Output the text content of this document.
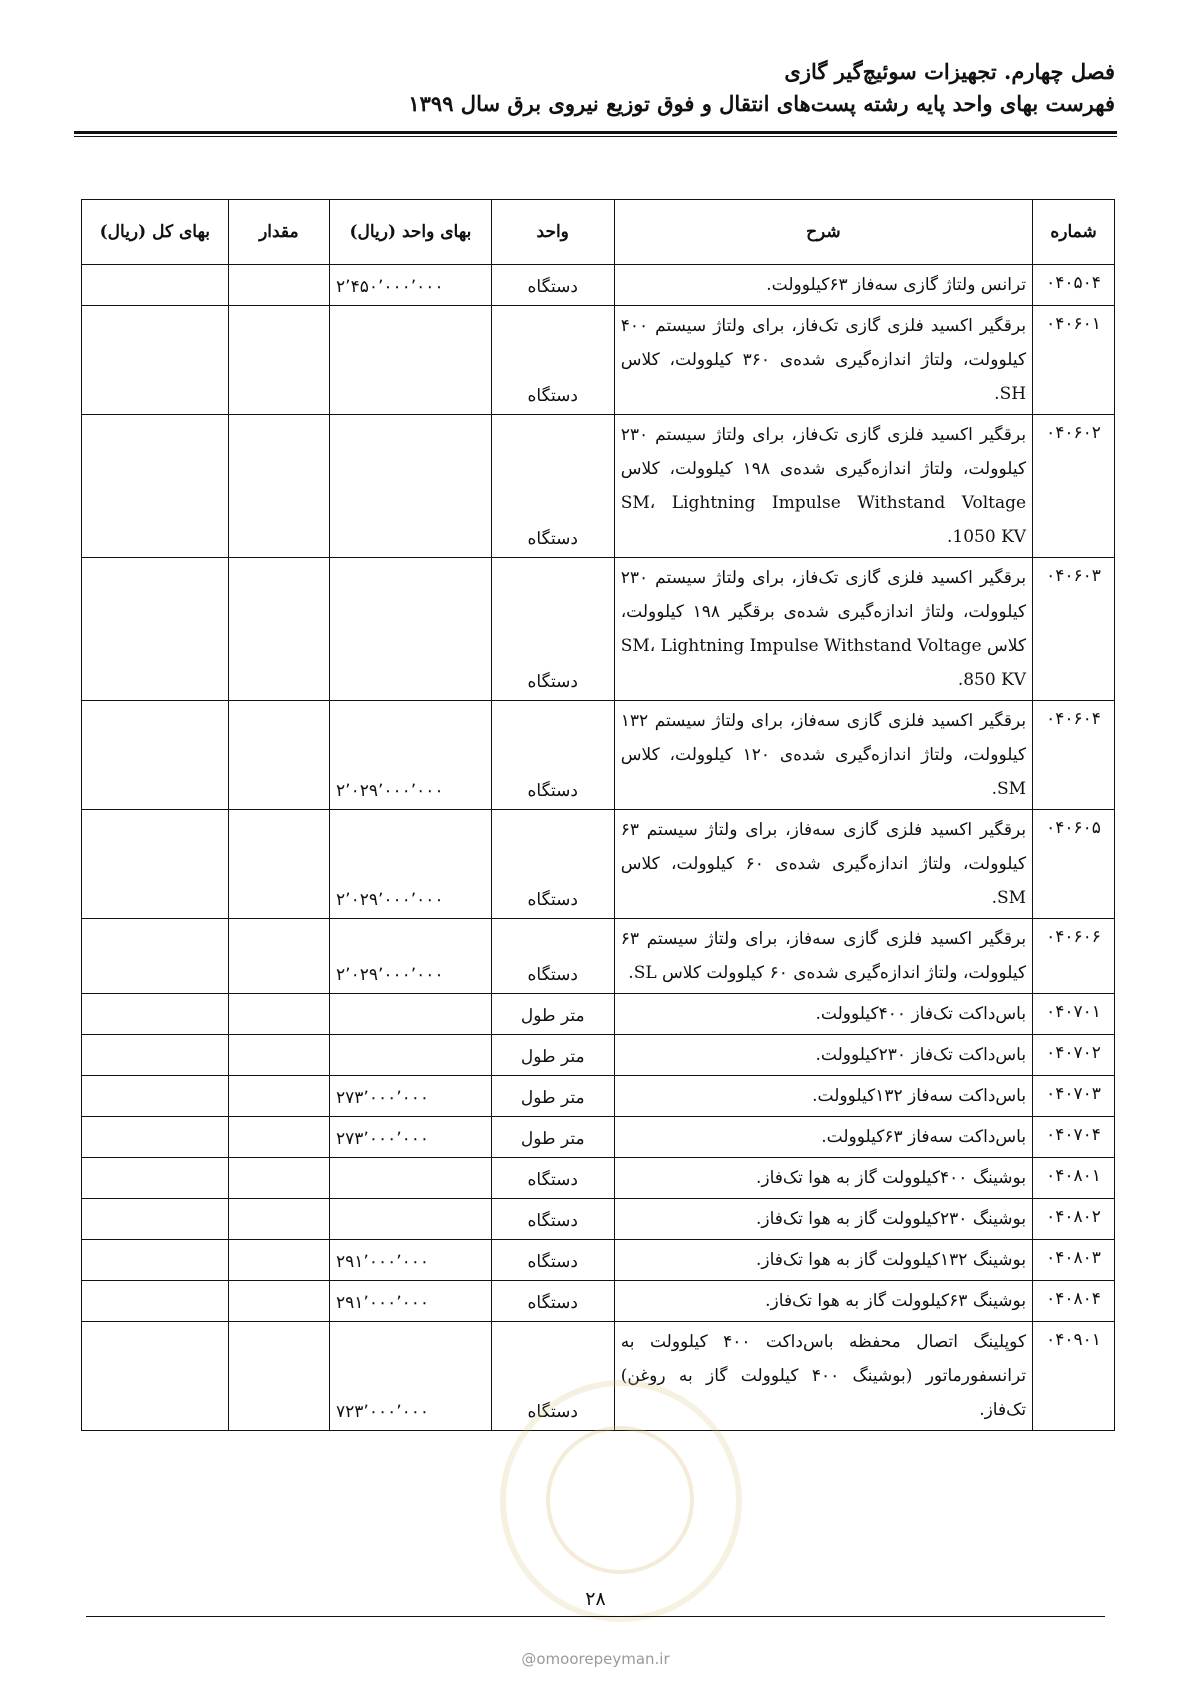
فصل چهارم. تجهیزات سوئیچ‌گیر گازی
فهرست بهای واحد پایه رشته پست‌های انتقال و فوق توزیع نیروی برق سال ۱۳۹۹
شماره	شرح	واحد	بهای واحد (ریال)	مقدار	بهای کل (ریال)
۰۴۰۵۰۴	ترانس ولتاژ گازی سه‌فاز ۶۳کیلوولت.	دستگاه	۲٬۴۵۰٬۰۰۰٬۰۰۰		
۰۴۰۶۰۱	برقگیر اکسید فلزی گازی تک‌فاز، برای ولتاژ سیستم ۴۰۰ کیلوولت، ولتاژ اندازه‌گیری شده‌ی ۳۶۰ کیلوولت، کلاس SH.	دستگاه			
۰۴۰۶۰۲	برقگیر اکسید فلزی گازی تک‌فاز، برای ولتاژ سیستم ۲۳۰ کیلوولت، ولتاژ اندازه‌گیری شده‌ی ۱۹۸ کیلوولت، کلاس SM، Lightning Impulse Withstand Voltage 1050 KV.	دستگاه			
۰۴۰۶۰۳	برقگیر اکسید فلزی گازی تک‌فاز، برای ولتاژ سیستم ۲۳۰ کیلوولت، ولتاژ اندازه‌گیری شده‌ی برقگیر ۱۹۸ کیلوولت، کلاس SM، Lightning Impulse Withstand Voltage 850 KV.	دستگاه			
۰۴۰۶۰۴	برقگیر اکسید فلزی گازی سه‌فاز، برای ولتاژ سیستم ۱۳۲ کیلوولت، ولتاژ اندازه‌گیری شده‌ی ۱۲۰ کیلوولت، کلاس SM.	دستگاه	۲٬۰۲۹٬۰۰۰٬۰۰۰		
۰۴۰۶۰۵	برقگیر اکسید فلزی گازی سه‌فاز، برای ولتاژ سیستم ۶۳ کیلوولت، ولتاژ اندازه‌گیری شده‌ی ۶۰ کیلوولت، کلاس SM.	دستگاه	۲٬۰۲۹٬۰۰۰٬۰۰۰		
۰۴۰۶۰۶	برقگیر اکسید فلزی گازی سه‌فاز، برای ولتاژ سیستم ۶۳ کیلوولت، ولتاژ اندازه‌گیری شده‌ی ۶۰ کیلوولت کلاس SL.	دستگاه	۲٬۰۲۹٬۰۰۰٬۰۰۰		
۰۴۰۷۰۱	باس‌داکت تک‌فاز ۴۰۰کیلوولت.	متر طول			
۰۴۰۷۰۲	باس‌داکت تک‌فاز ۲۳۰کیلوولت.	متر طول			
۰۴۰۷۰۳	باس‌داکت سه‌فاز ۱۳۲کیلوولت.	متر طول	۲۷۳٬۰۰۰٬۰۰۰		
۰۴۰۷۰۴	باس‌داکت سه‌فاز ۶۳کیلوولت.	متر طول	۲۷۳٬۰۰۰٬۰۰۰		
۰۴۰۸۰۱	بوشینگ ۴۰۰کیلوولت گاز به هوا تک‌فاز.	دستگاه			
۰۴۰۸۰۲	بوشینگ ۲۳۰کیلوولت گاز به هوا تک‌فاز.	دستگاه			
۰۴۰۸۰۳	بوشینگ ۱۳۲کیلوولت گاز به هوا تک‌فاز.	دستگاه	۲۹۱٬۰۰۰٬۰۰۰		
۰۴۰۸۰۴	بوشینگ ۶۳کیلوولت گاز به هوا تک‌فاز.	دستگاه	۲۹۱٬۰۰۰٬۰۰۰		
۰۴۰۹۰۱	کوپلینگ اتصال محفظه باس‌داکت ۴۰۰ کیلوولت به ترانسفورماتور (بوشینگ ۴۰۰ کیلوولت گاز به روغن) تک‌فاز.	دستگاه	۷۲۳٬۰۰۰٬۰۰۰		
۲۸
@omoorepeyman.ir
